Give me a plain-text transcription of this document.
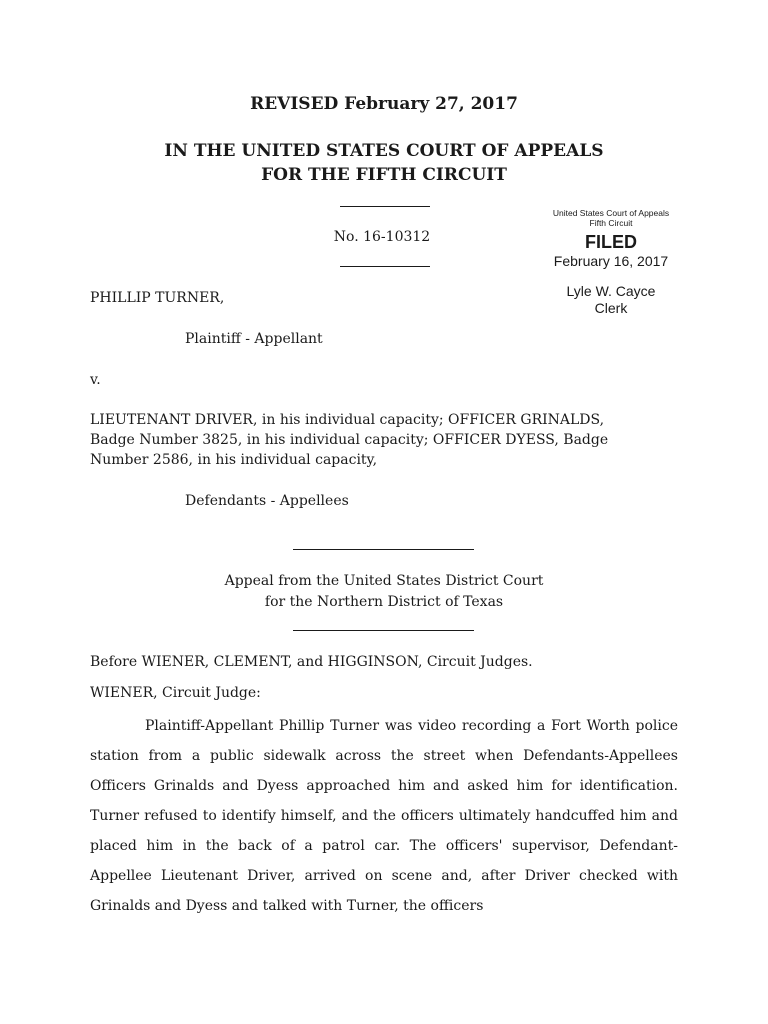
REVISED February 27, 2017
IN THE UNITED STATES COURT OF APPEALS
FOR THE FIFTH CIRCUIT
No. 16-10312
United States Court of Appeals
Fifth Circuit
FILED
February 16, 2017
Lyle W. Cayce
Clerk
PHILLIP TURNER,
Plaintiff - Appellant
v.
LIEUTENANT DRIVER, in his individual capacity; OFFICER GRINALDS,
Badge Number 3825, in his individual capacity; OFFICER DYESS, Badge
Number 2586, in his individual capacity,
Defendants - Appellees
Appeal from the United States District Court
for the Northern District of Texas
Before WIENER, CLEMENT, and HIGGINSON, Circuit Judges.
WIENER, Circuit Judge:
Plaintiff-Appellant Phillip Turner was video recording a Fort Worth police station from a public sidewalk across the street when Defendants-Appellees Officers Grinalds and Dyess approached him and asked him for identification. Turner refused to identify himself, and the officers ultimately handcuffed him and placed him in the back of a patrol car. The officers' supervisor, Defendant-Appellee Lieutenant Driver, arrived on scene and, after Driver checked with Grinalds and Dyess and talked with Turner, the officers
